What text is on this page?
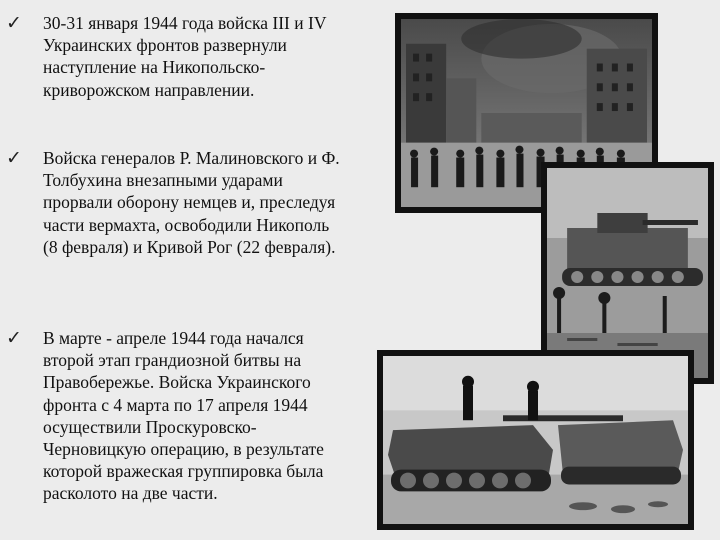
✓ 30-31 января 1944 года войска III и IV Украинских фронтов развернули наступление на Никопольско-криворожском направлении.
✓ Войска генералов Р. Малиновского и Ф. Толбухина внезапными ударами прорвали оборону немцев и, преследуя части вермахта, освободили Никополь (8 февраля) и Кривой Рог (22 февраля).
✓ В марте - апреле 1944 года начался второй этап грандиозной битвы на Правобережье. Войска Украинского фронта с 4 марта по 17 апреля 1944 осуществили Проскуровско-Черновицкую операцию, в результате которой вражеская группировка была расколото на две части.
